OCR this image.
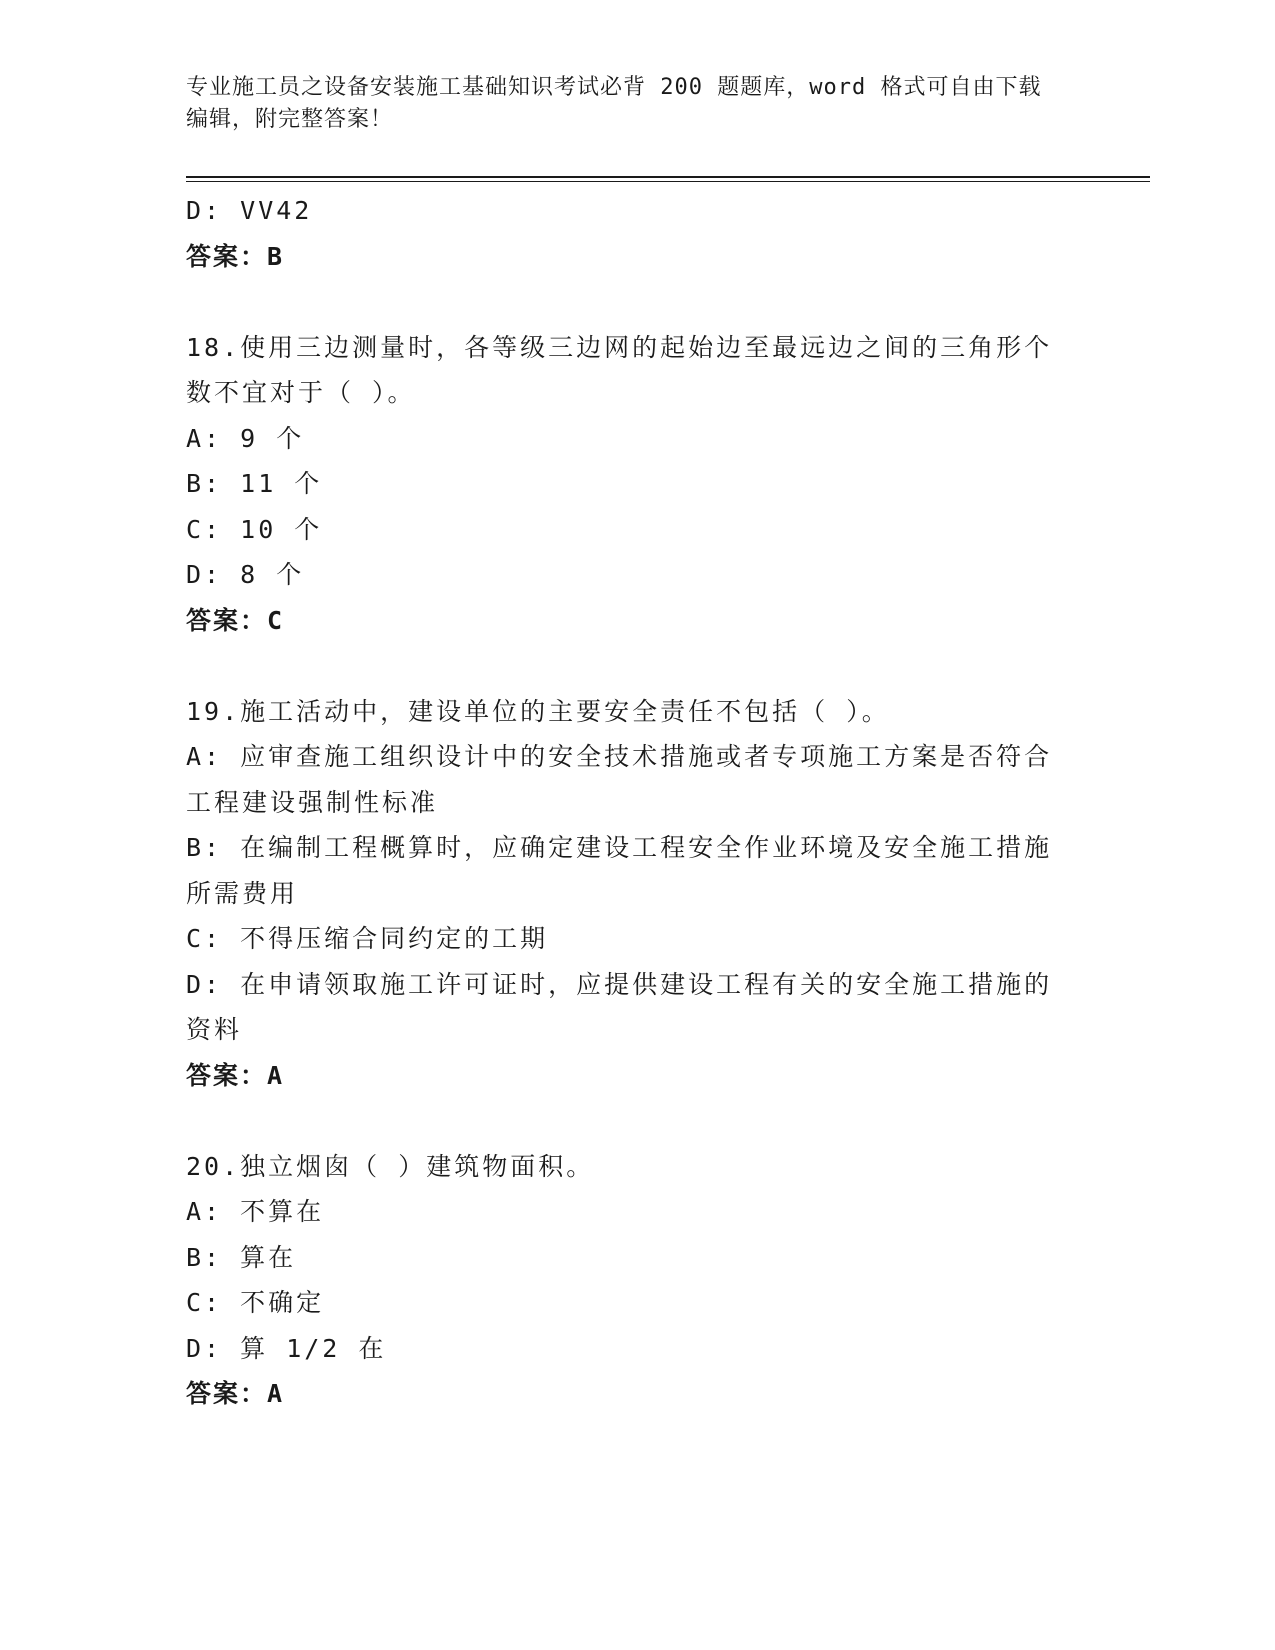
专业施工员之设备安装施工基础知识考试必背 200 题题库，word 格式可自由下载
编辑，附完整答案！
D: VV42
答案：B
18.使用三边测量时，各等级三边网的起始边至最远边之间的三角形个
数不宜对于（ ）。
A: 9 个
B: 11 个
C: 10 个
D: 8 个
答案：C
19.施工活动中，建设单位的主要安全责任不包括（ ）。
A: 应审查施工组织设计中的安全技术措施或者专项施工方案是否符合
工程建设强制性标准
B: 在编制工程概算时，应确定建设工程安全作业环境及安全施工措施
所需费用
C: 不得压缩合同约定的工期
D: 在申请领取施工许可证时，应提供建设工程有关的安全施工措施的
资料
答案：A
20.独立烟囱（ ）建筑物面积。
A: 不算在
B: 算在
C: 不确定
D: 算 1/2 在
答案：A
